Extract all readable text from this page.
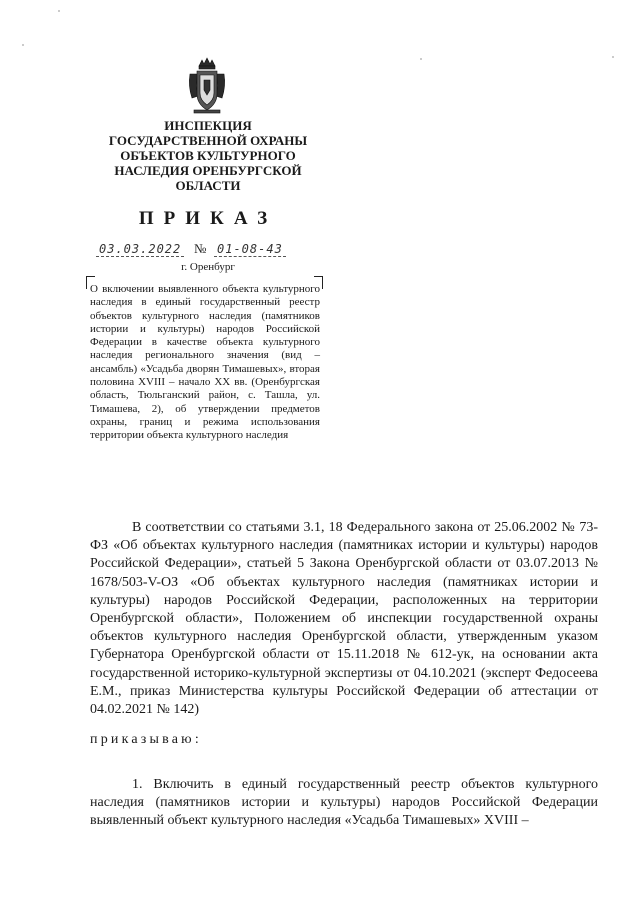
ИНСПЕКЦИЯ
ГОСУДАРСТВЕННОЙ ОХРАНЫ
ОБЪЕКТОВ КУЛЬТУРНОГО
НАСЛЕДИЯ ОРЕНБУРГСКОЙ
ОБЛАСТИ
ПРИКАЗ
03.03.2022 № 01-08-43
г. Оренбург
О включении выявленного объекта культурного наследия в единый государственный реестр объектов культурного наследия (памятников истории и культуры) народов Российской Федерации в качестве объекта культурного наследия регионального значения (вид – ансамбль) «Усадьба дворян Тимашевых», вторая половина XVIII – начало XX вв. (Оренбургская область, Тюльганский район, с. Ташла, ул. Тимашева, 2), об утверждении предметов охраны, границ и режима использования территории объекта культурного наследия
В соответствии со статьями 3.1, 18 Федерального закона от 25.06.2002 № 73-ФЗ «Об объектах культурного наследия (памятниках истории и культуры) народов Российской Федерации», статьей 5 Закона Оренбургской области от 03.07.2013 № 1678/503-V-ОЗ «Об объектах культурного наследия (памятниках истории и культуры) народов Российской Федерации, расположенных на территории Оренбургской области», Положением об инспекции государственной охраны объектов культурного наследия Оренбургской области, утвержденным указом Губернатора Оренбургской области от 15.11.2018 № 612-ук, на основании акта государственной историко-культурной экспертизы от 04.10.2021 (эксперт Федосеева Е.М., приказ Министерства культуры Российской Федерации об аттестации от 04.02.2021 № 142)
приказываю:
1. Включить в единый государственный реестр объектов культурного наследия (памятников истории и культуры) народов Российской Федерации выявленный объект культурного наследия «Усадьба Тимашевых» XVIII –
